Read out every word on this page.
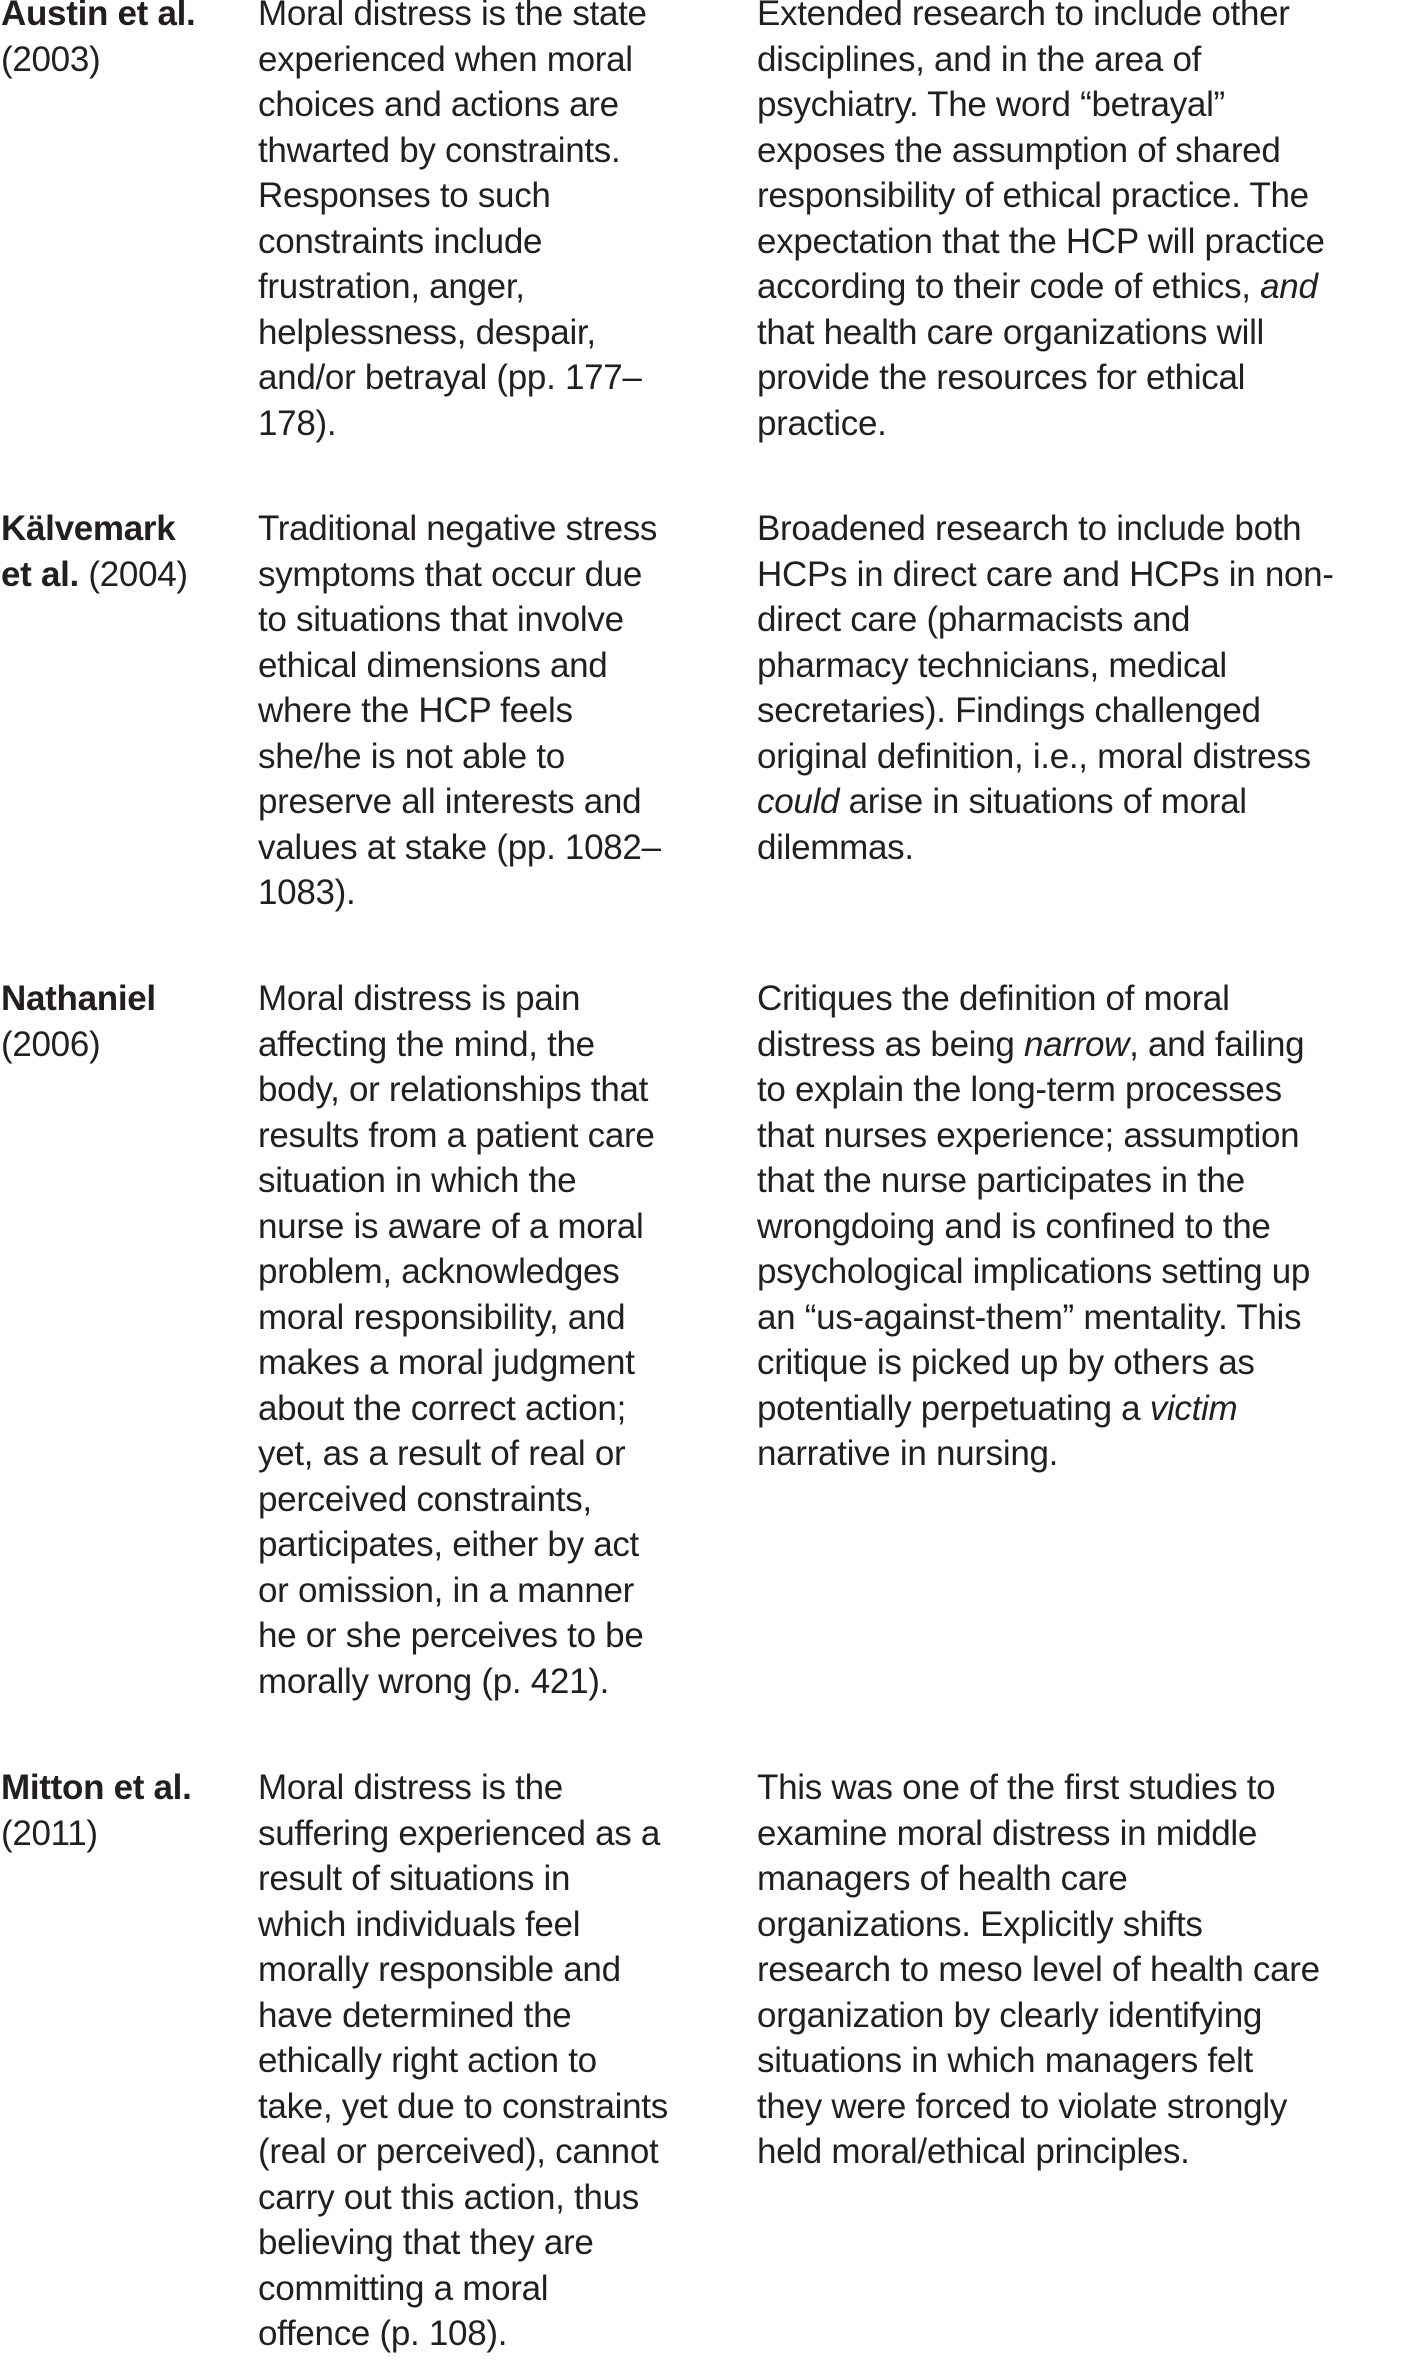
Austin et al.
(2003)
Moral distress is the state
experienced when moral
choices and actions are
thwarted by constraints.
Responses to such
constraints include
frustration, anger,
helplessness, despair,
and/or betrayal (pp. 177–
178).
Extended research to include other
disciplines, and in the area of
psychiatry. The word “betrayal”
exposes the assumption of shared
responsibility of ethical practice. The
expectation that the HCP will practice
according to their code of ethics, and
that health care organizations will
provide the resources for ethical
practice.
Kälvemark
et al. (2004)
Traditional negative stress
symptoms that occur due
to situations that involve
ethical dimensions and
where the HCP feels
she/he is not able to
preserve all interests and
values at stake (pp. 1082–
1083).
Broadened research to include both
HCPs in direct care and HCPs in non-
direct care (pharmacists and
pharmacy technicians, medical
secretaries). Findings challenged
original definition, i.e., moral distress
could arise in situations of moral
dilemmas.
Nathaniel
(2006)
Moral distress is pain
affecting the mind, the
body, or relationships that
results from a patient care
situation in which the
nurse is aware of a moral
problem, acknowledges
moral responsibility, and
makes a moral judgment
about the correct action;
yet, as a result of real or
perceived constraints,
participates, either by act
or omission, in a manner
he or she perceives to be
morally wrong (p. 421).
Critiques the definition of moral
distress as being narrow, and failing
to explain the long-term processes
that nurses experience; assumption
that the nurse participates in the
wrongdoing and is confined to the
psychological implications setting up
an “us-against-them” mentality. This
critique is picked up by others as
potentially perpetuating a victim
narrative in nursing.
Mitton et al.
(2011)
Moral distress is the
suffering experienced as a
result of situations in
which individuals feel
morally responsible and
have determined the
ethically right action to
take, yet due to constraints
(real or perceived), cannot
carry out this action, thus
believing that they are
committing a moral
offence (p. 108).
This was one of the first studies to
examine moral distress in middle
managers of health care
organizations. Explicitly shifts
research to meso level of health care
organization by clearly identifying
situations in which managers felt
they were forced to violate strongly
held moral/ethical principles.
